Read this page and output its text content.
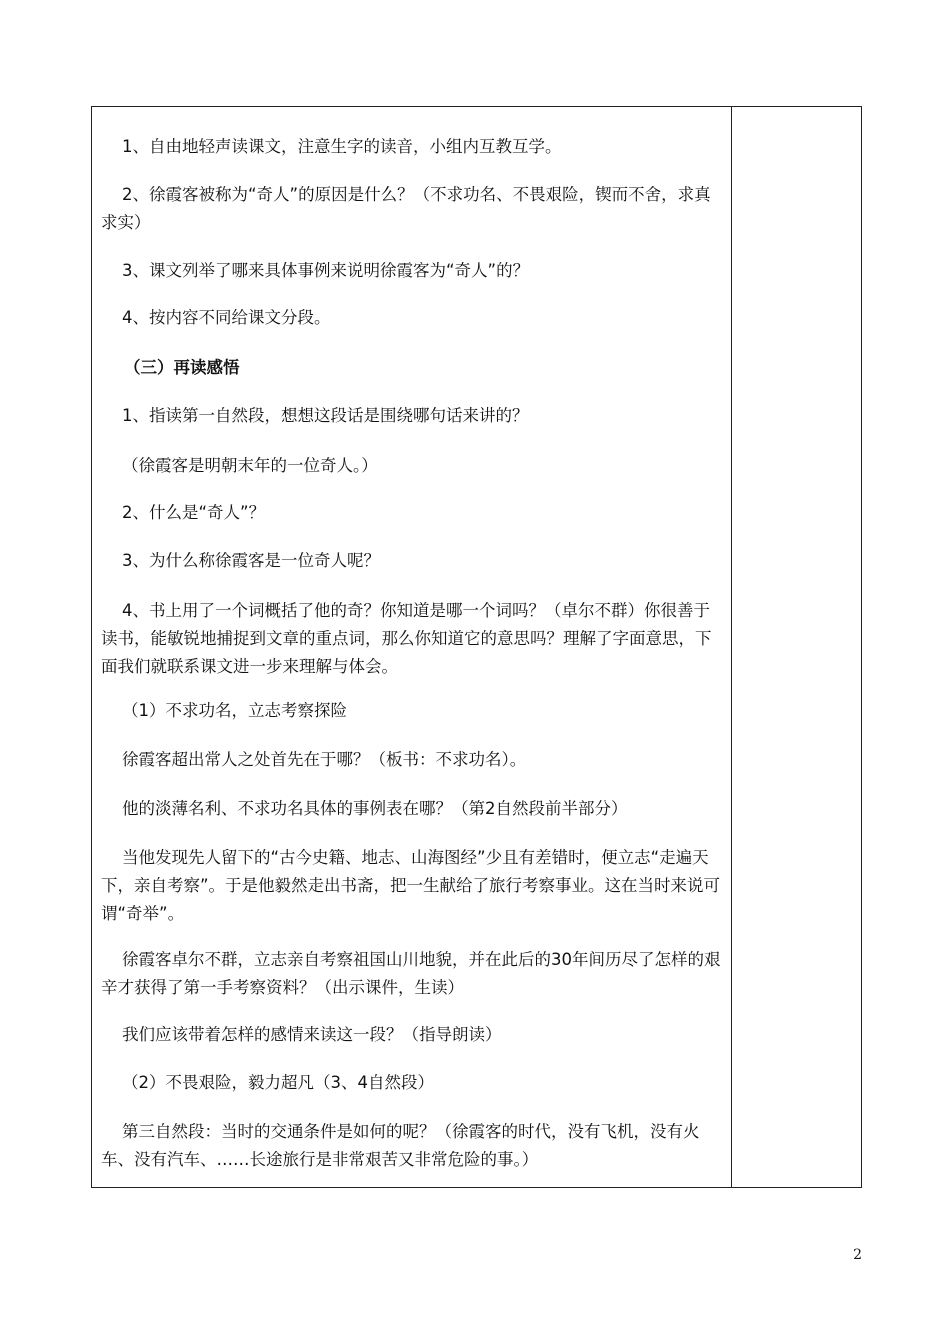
1、自由地轻声读课文，注意生字的读音，小组内互教互学。

2、徐霞客被称为“奇人”的原因是什么？（不求功名、不畏艰险，锲而不舍，求真求实）

3、课文列举了哪来具体事例来说明徐霞客为“奇人”的？

4、按内容不同给课文分段。

（三）再读感悟

1、指读第一自然段，想想这段话是围绕哪句话来讲的？

（徐霞客是明朝末年的一位奇人。）

2、什么是“奇人”？

3、为什么称徐霞客是一位奇人呢？

4、书上用了一个词概括了他的奇？你知道是哪一个词吗？（卓尔不群）你很善于读书，能敏锐地捕捉到文章的重点词，那么你知道它的意思吗？理解了字面意思，下面我们就联系课文进一步来理解与体会。

（1）不求功名，立志考察探险

徐霞客超出常人之处首先在于哪？（板书：不求功名）。

他的淡薄名利、不求功名具体的事例表在哪？（第2自然段前半部分）

当他发现先人留下的“古今史籍、地志、山海图经”少且有差错时，便立志“走遍天下，亲自考察”。于是他毅然走出书斋，把一生献给了旅行考察事业。这在当时来说可谓“奇举”。

徐霞客卓尔不群，立志亲自考察祖国山川地貌，并在此后的30年间历尽了怎样的艰辛才获得了第一手考察资料？（出示课件，生读）

我们应该带着怎样的感情来读这一段？（指导朗读）

（2）不畏艰险，毅力超凡（3、4自然段）

第三自然段：当时的交通条件是如何的呢？（徐霞客的时代，没有飞机，没有火车、没有汽车、……长途旅行是非常艰苦又非常危险的事。）

2
